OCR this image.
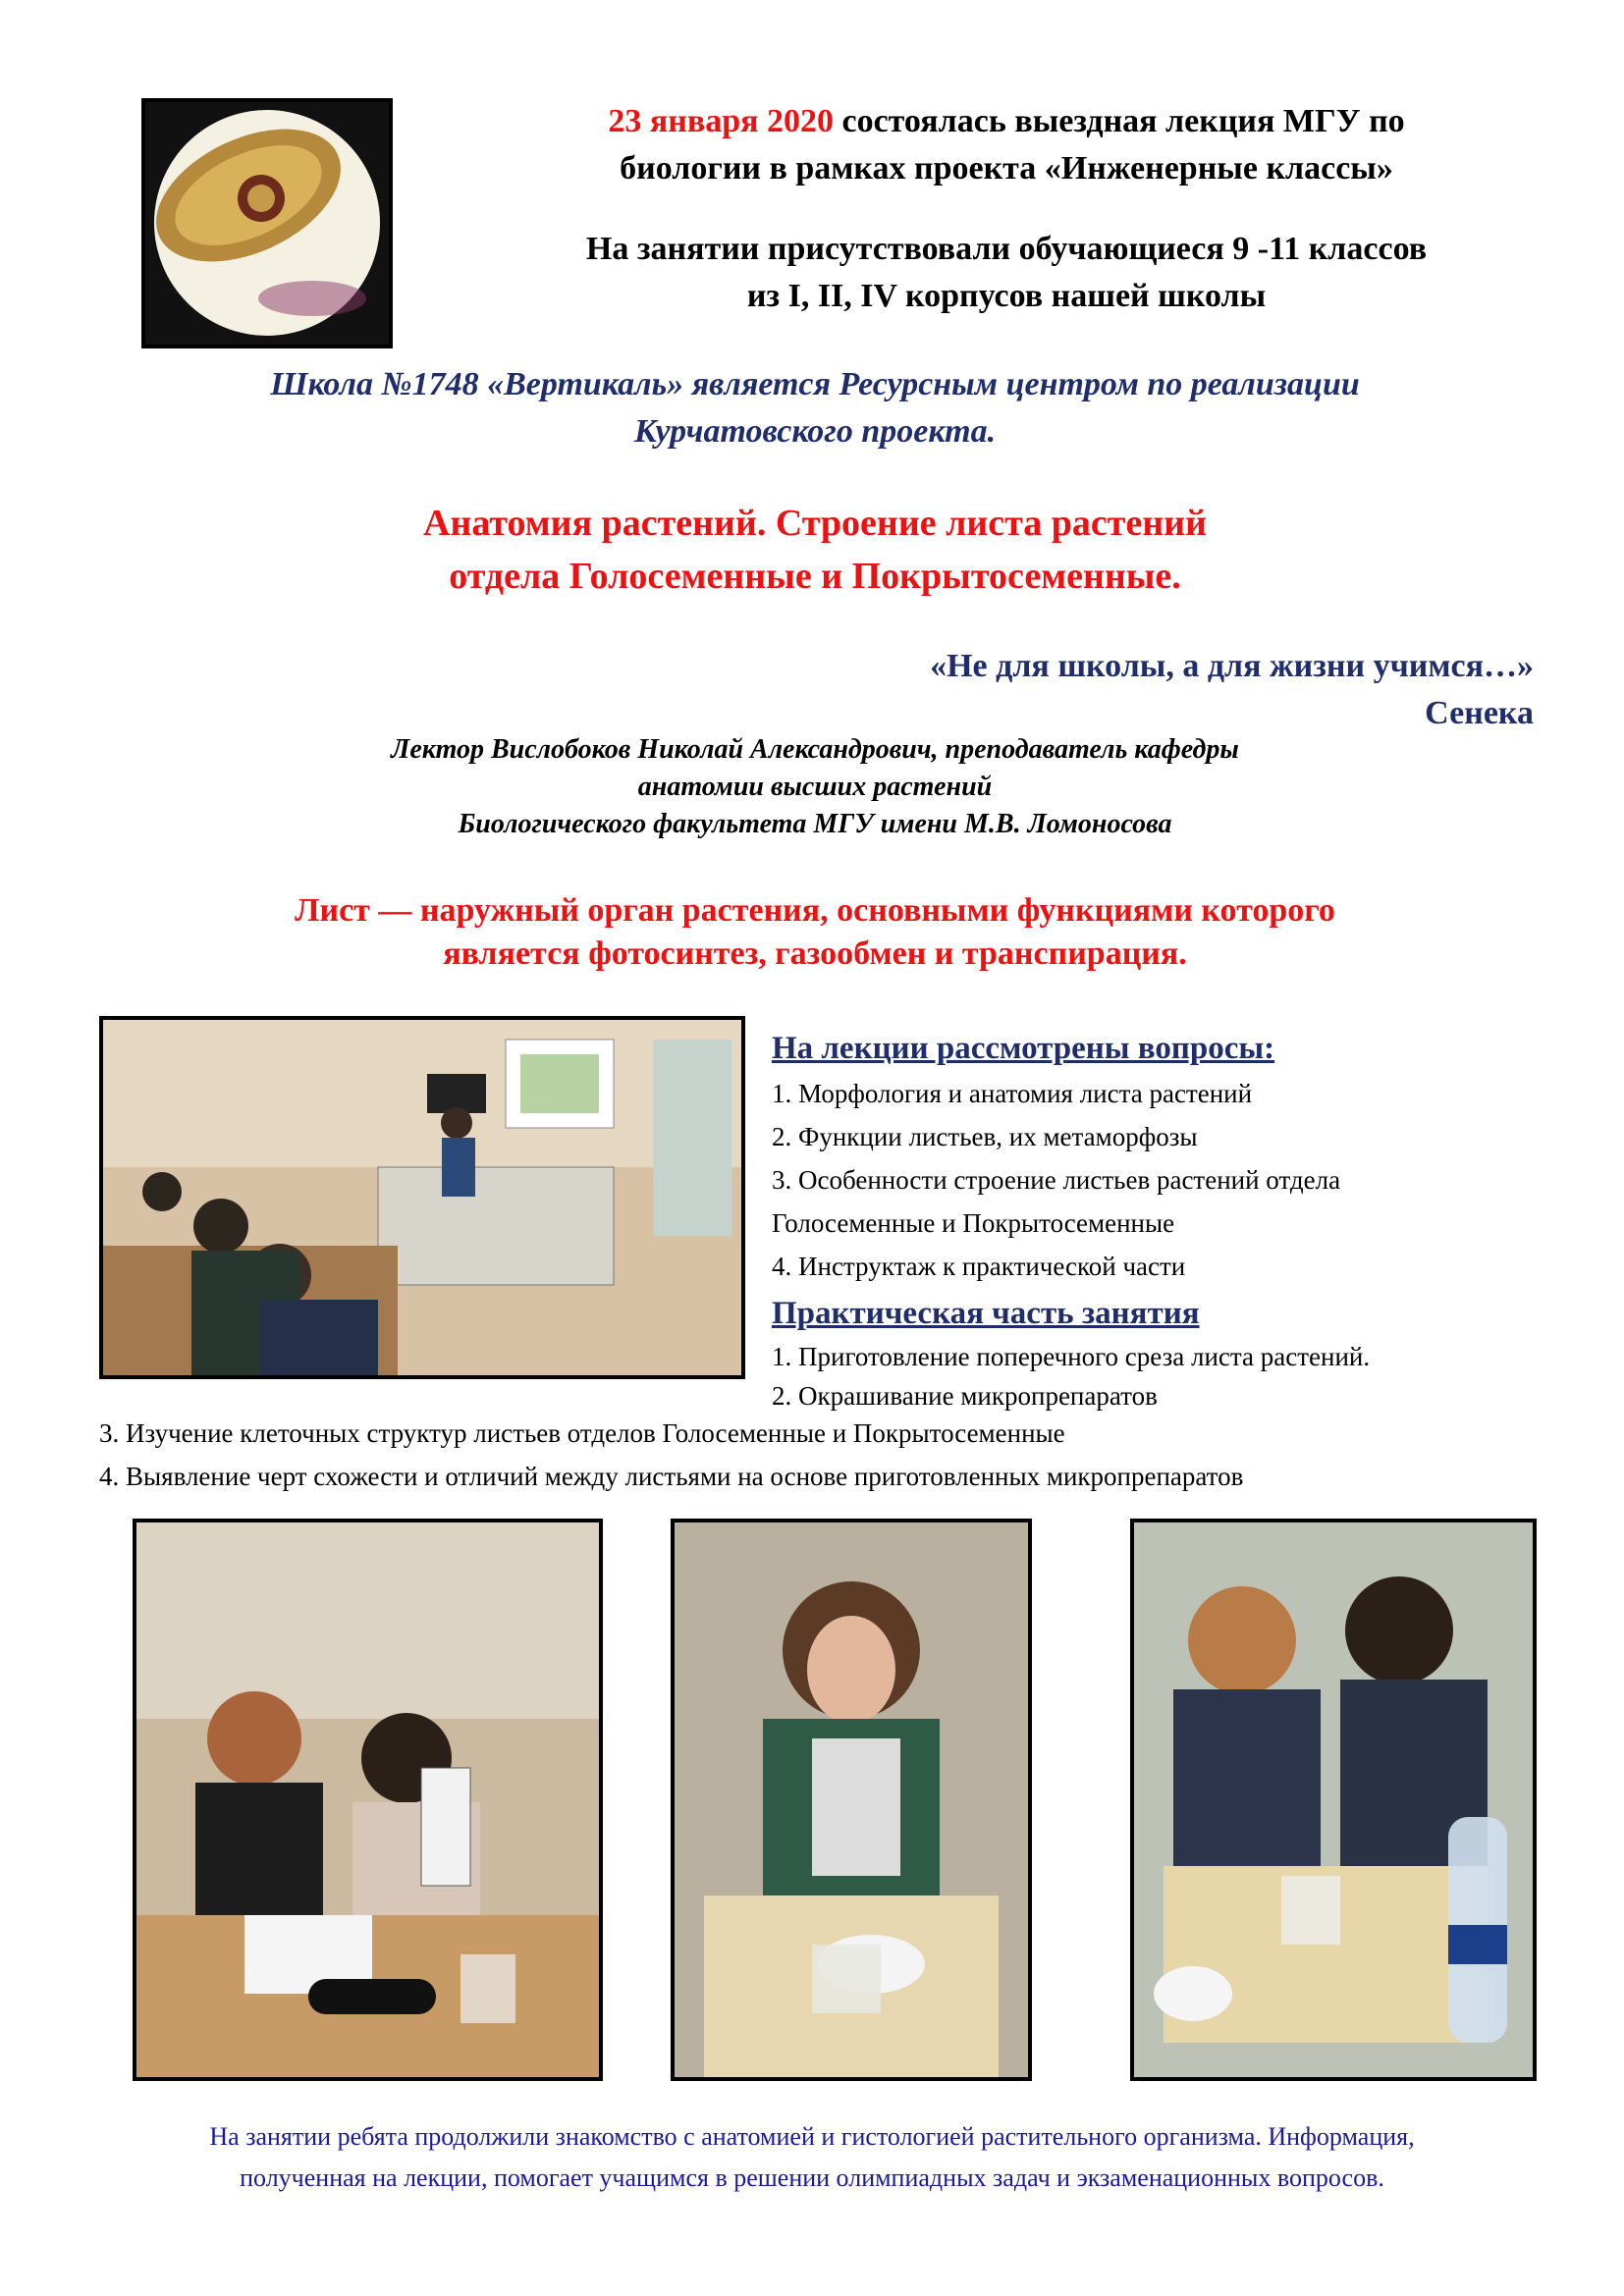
23 января 2020 состоялась выездная лекция МГУ по
биологии в рамках проекта «Инженерные классы»
На занятии присутствовали обучающиеся 9 -11 классов
из I, II, IV корпусов нашей школы
Школа №1748 «Вертикаль» является Ресурсным центром по реализации
Курчатовского проекта.
Анатомия растений. Строение листа растений
отдела Голосеменные и Покрытосеменные.
«Не для школы, а для жизни учимся…»
Сенека
Лектор Вислобоков Николай Александрович, преподаватель кафедры
анатомии высших растений
Биологического факультета МГУ имени М.В. Ломоносова
Лист — наружный орган растения, основными функциями которого
является фотосинтез, газообмен и транспирация.
На лекции рассмотрены вопросы:
1. Морфология и анатомия листа растений
2. Функции листьев, их метаморфозы
3. Особенности строение листьев растений отдела
Голосеменные и Покрытосеменные
4. Инструктаж к практической части
Практическая часть занятия
1. Приготовление поперечного среза листа растений.
2. Окрашивание микропрепаратов
3. Изучение клеточных структур листьев отделов Голосеменные и Покрытосеменные
4. Выявление черт схожести и отличий между листьями на основе приготовленных микропрепаратов
На занятии ребята продолжили знакомство с анатомией и гистологией растительного организма. Информация,
полученная на лекции, помогает учащимся в решении олимпиадных задач и экзаменационных вопросов.
